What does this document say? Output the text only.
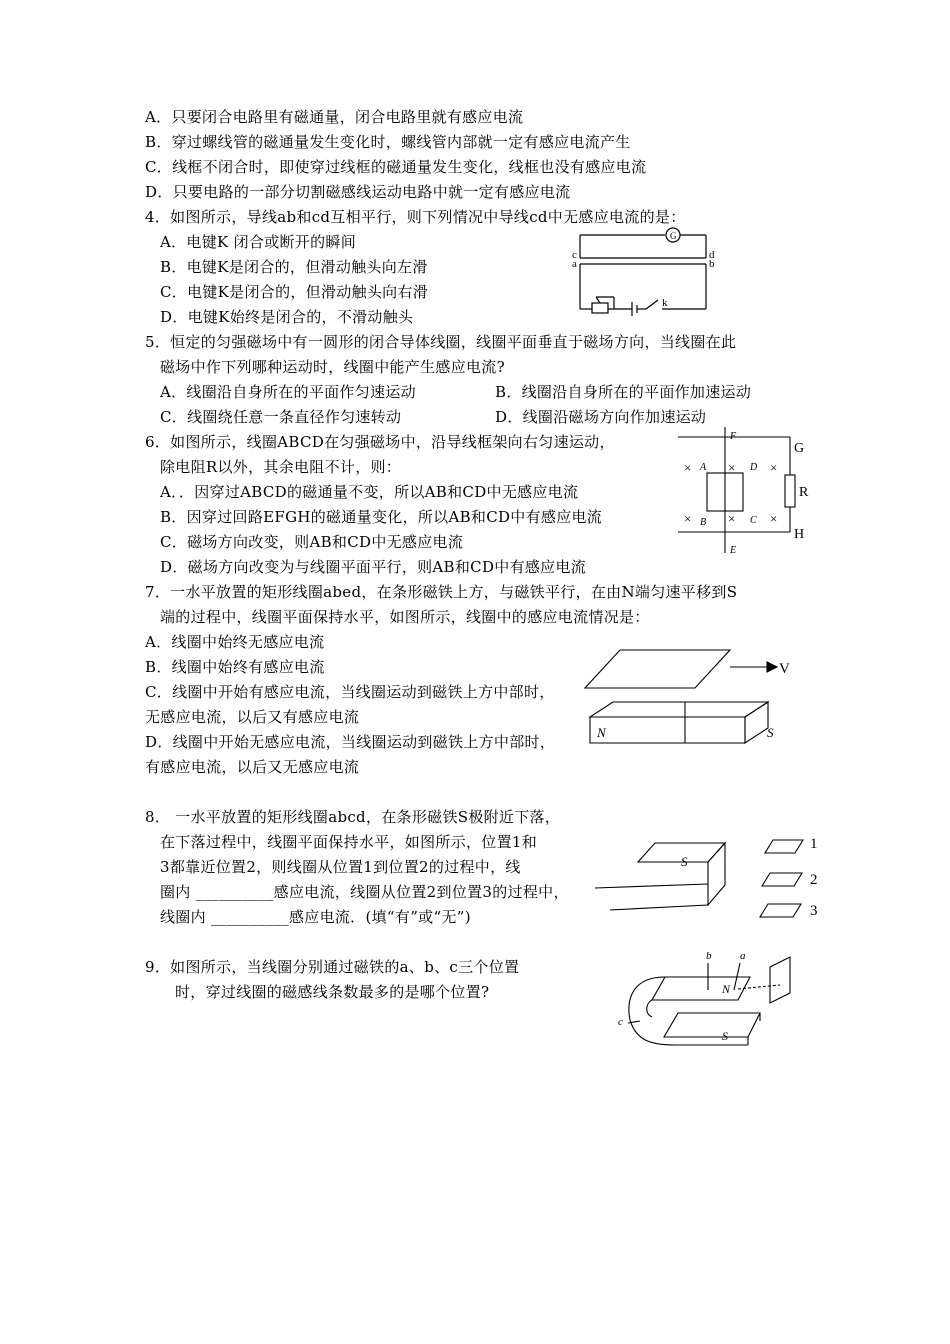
A．只要闭合电路里有磁通量，闭合电路里就有感应电流
B．穿过螺线管的磁通量发生变化时，螺线管内部就一定有感应电流产生
C．线框不闭合时，即使穿过线框的磁通量发生变化，线框也没有感应电流
D．只要电路的一部分切割磁感线运动电路中就一定有感应电流
4．如图所示，导线ab和cd互相平行，则下列情况中导线cd中无感应电流的是：
A．电键K 闭合或断开的瞬间
B．电键K是闭合的，但滑动触头向左滑
C．电键K是闭合的，但滑动触头向右滑
D．电键K始终是闭合的，不滑动触头
5．恒定的匀强磁场中有一圆形的闭合导体线圈，线圈平面垂直于磁场方向，当线圈在此
磁场中作下列哪种运动时，线圈中能产生感应电流?
A．线圈沿自身所在的平面作匀速运动	B．线圈沿自身所在的平面作加速运动
C．线圈绕任意一条直径作匀速转动	D．线圈沿磁场方向作加速运动
6．如图所示，线圈ABCD在匀强磁场中，沿导线框架向右匀速运动，
除电阻R以外，其余电阻不计，则：
A．．因穿过ABCD的磁通量不变，所以AB和CD中无感应电流
B．因穿过回路EFGH的磁通量变化，所以AB和CD中有感应电流
C．磁场方向改变，则AB和CD中无感应电流
D．磁场方向改变为与线圈平面平行，则AB和CD中有感应电流
7．一水平放置的矩形线圈abed，在条形磁铁上方，与磁铁平行，在由N端匀速平移到S
端的过程中，线圈平面保持水平，如图所示，线圈中的感应电流情况是：
A．线圈中始终无感应电流
B．线圈中始终有感应电流
C．线圈中开始有感应电流，当线圈运动到磁铁上方中部时，
无感应电流，以后又有感应电流
D．线圈中开始无感应电流，当线圈运动到磁铁上方中部时，
有感应电流，以后又无感应电流
8． 一水平放置的矩形线圈abcd，在条形磁铁S极附近下落，
在下落过程中，线圈平面保持水平，如图所示，位置1和
3都靠近位置2，则线圈从位置1到位置2的过程中，线
圈内 __________感应电流，线圈从位置2到位置3的过程中，
线圈内 __________感应电流．(填“有”或“无”)
9．如图所示，当线圈分别通过磁铁的a、b、c三个位置
时，穿过线圈的磁感线条数最多的是哪个位置?
G
c
a
d
b
k
×	×	×
×	×	×
F
E
A	D
B	C
G
R
H
V
N	S
S
1
2
3
b	a
c
N
S
